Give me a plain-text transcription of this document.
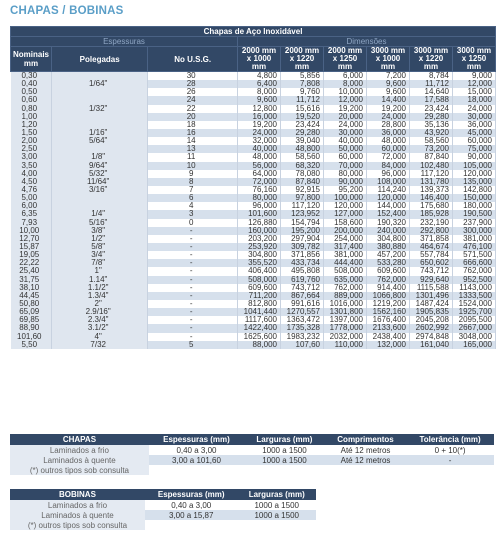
CHAPAS / BOBINAS
Chapas de Aço Inoxidável								
Espessuras			Dimensões					
Nominais mm	Polegadas	No U.S.G.	2000 mm x 1000 mm	2000 mm x 1220 mm	2000 mm x 1250 mm	3000 mm x 1000 mm	3000 mm x 1220 mm	3000 mm x 1250 mm
0,30		30	4,800	5,856	6,000	7,200	8,784	9,000
0,40	1/64"	28	6,400	7,808	8,000	9,600	11,712	12,000
0,50		26	8,000	9,760	10,000	9,600	14,640	15,000
0,60		24	9,600	11,712	12,000	14,400	17,588	18,000
0,80	1/32"	22	12,800	15,616	19,200	19,200	23,424	24,000
1,00		20	16,000	19,520	20,000	24,000	29,280	30,000
1,20		18	19,200	23,424	24,000	28,800	35,136	36,000
1,50	1/16"	16	24,000	29,280	30,000	36,000	43,920	45,000
2,00	5/64"	14	32,000	39,040	40,000	48,000	58,560	60,000
2,50		13	40,000	48,800	50,000	60,000	73,200	75,000
3,00	1/8"	11	48,000	58,560	60,000	72,000	87,840	90,000
3,50	9/64"	10	56,000	68,320	70,000	84,000	102,480	105,000
4,00	5/32"	9	64,000	78,080	80,000	96,000	117,120	120,000
4,50	11/64"	8	72,000	87,840	90,000	108,000	131,780	135,000
4,76	3/16"	7	76,160	92,915	95,200	114,240	139,373	142,800
5,00		6	80,000	97,800	100,000	120,000	146,400	150,000
6,00		4	96,000	117,120	120,000	144,000	175,680	180,000
6,35	1/4"	3	101,600	123,952	127,000	152,400	185,928	190,500
7,93	5/16"	0	126,880	154,794	158,600	190,320	232,190	237,900
10,00	3/8"	-	160,000	195,200	200,000	240,000	292,800	300,000
12,70	1/2"	-	203,200	297,904	254,000	304,800	371,858	381,000
15,87	5/8"	-	253,920	309,782	317,400	380,880	464,674	476,100
19,05	3/4"	-	304,800	371,856	381,000	457,200	557,784	571,500
22,22	7/8"	-	355,520	433,734	444,400	533,280	650,602	666,600
25,40	1"	-	406,400	495,808	508,000	609,600	743,712	762,000
31,75	1.14"	-	508,000	619,760	635,000	762,000	929,640	952,500
38,10	1.1/2"	-	609,600	743,712	762,000	914,400	1115,588	1143,000
44,45	1.3/4"	-	711,200	867,664	889,000	1066,800	1301,496	1333,500
50,80	2"	-	812,800	991,616	1016,000	1219,200	1487,424	1524,000
65,09	2.9/16"	-	1041,440	1270,557	1301,800	1562,160	1905,835	1925,700
69,85	2.3/4"	-	1117,600	1363,472	1397,000	1676,400	2045,208	2095,500
88,90	3.1/2"	-	1422,400	1735,328	1778,000	2133,600	2602,992	2667,000
101,60	4"	-	1625,600	1983,232	2032,000	2438,400	2974,848	3048,000
5,50	7/32	5	88,000	107,60	110,000	132,000	161,040	165,000
CHAPAS	Espessuras (mm)	Larguras (mm)	Comprimentos	Tolerância (mm)
Laminados a frio	0,40 a 3,00	1000 a 1500	Até 12 metros	0 + 10(*)
Laminados à quente	3,00 a 101,60	1000 a 1500	Até 12 metros	-
(*) outros tipos sob consulta				
BOBINAS	Espessuras (mm)	Larguras (mm)
Laminados a frio	0,40 a 3,00	1000 a 1500
Laminados à quente	3,00 a 15,87	1000 a 1500
(*) outros tipos sob consulta		
